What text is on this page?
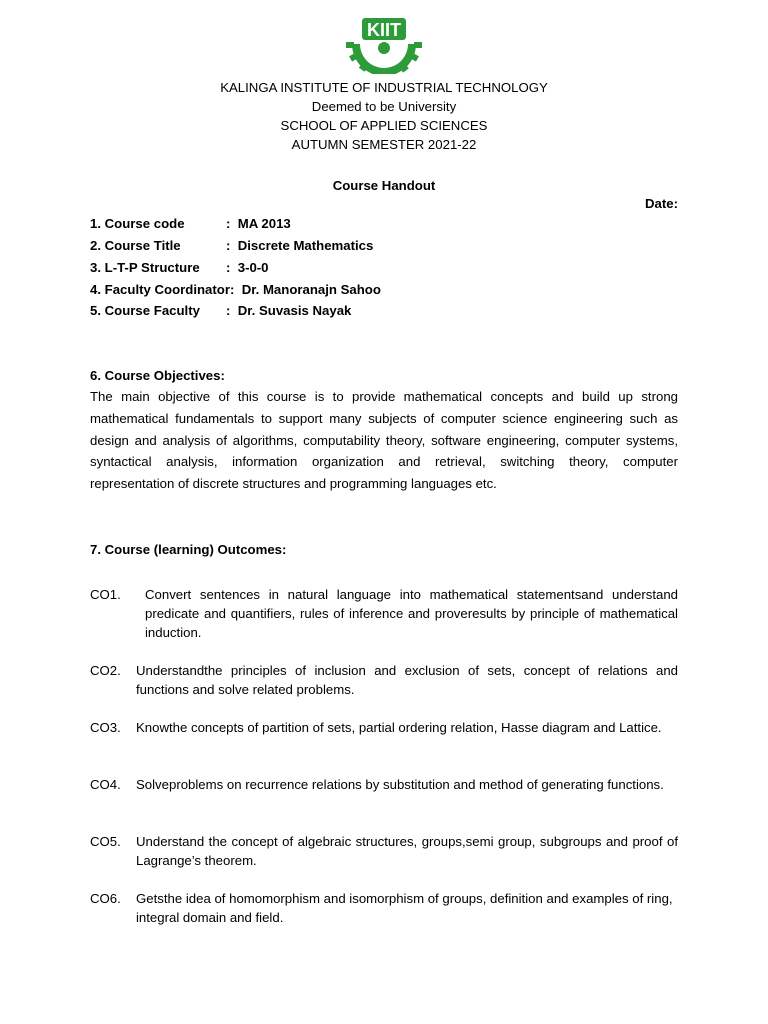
KIIT
KALINGA INSTITUTE OF INDUSTRIAL TECHNOLOGY
Deemed to be University
SCHOOL OF APPLIED SCIENCES
AUTUMN SEMESTER 2021-22
Course Handout
Date:
1. Course code	:  MA 2013
2. Course Title	:  Discrete Mathematics
3. L-T-P Structure :  3-0-0
4. Faculty Coordinator:  Dr. Manoranajn Sahoo
5. Course Faculty :  Dr. Suvasis Nayak
6. Course Objectives:
The main objective of this course is to provide mathematical concepts and build up strong mathematical fundamentals to support many subjects of computer science engineering such as design and analysis of algorithms, computability theory, software engineering, computer systems, syntactical analysis, information organization and retrieval, switching theory, computer representation of discrete structures and programming languages etc.
7. Course (learning) Outcomes:
CO1. Convert sentences in natural language into mathematical statementsand understand predicate and quantifiers, rules of inference and proveresults by principle of mathematical induction.
CO2. Understandthe principles of inclusion and exclusion of sets, concept of relations and functions and solve related problems.
CO3. Knowthe concepts of partition of sets, partial ordering relation, Hasse diagram and Lattice.
CO4. Solveproblems on recurrence relations by substitution and method of generating functions.
CO5. Understand the concept of algebraic structures, groups,semi group, subgroups and proof of Lagrange’s theorem.
CO6. Getsthe idea of homomorphism and isomorphism of groups, definition and examples of ring, integral domain and field.
